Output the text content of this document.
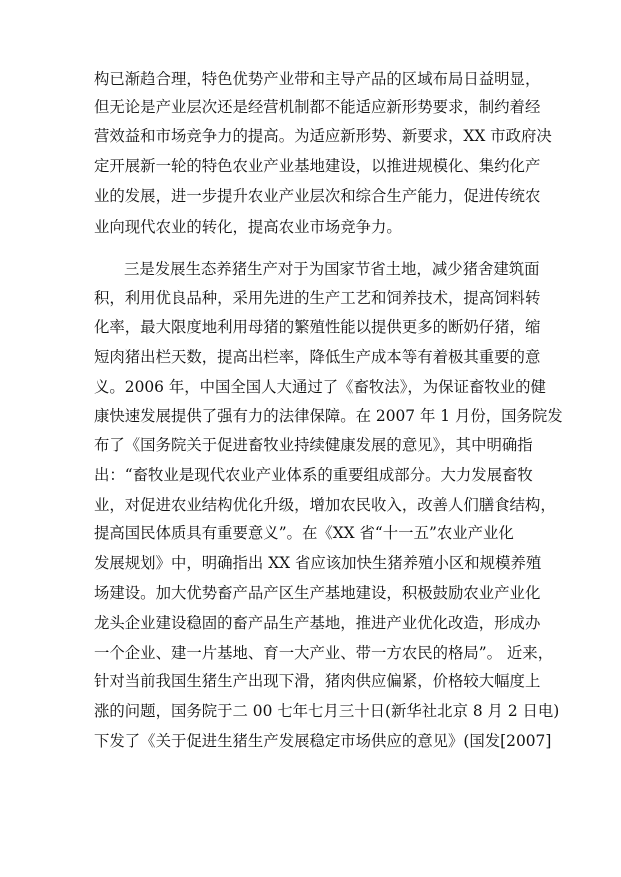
构已渐趋合理，特色优势产业带和主导产品的区域布局日益明显，
但无论是产业层次还是经营机制都不能适应新形势要求，制约着经
营效益和市场竞争力的提高。为适应新形势、新要求，XX 市政府决
定开展新一轮的特色农业产业基地建设，以推进规模化、集约化产
业的发展，进一步提升农业产业层次和综合生产能力，促进传统农
业向现代农业的转化，提高农业市场竞争力。
三是发展生态养猪生产对于为国家节省土地，减少猪舍建筑面
积，利用优良品种，采用先进的生产工艺和饲养技术，提高饲料转
化率，最大限度地利用母猪的繁殖性能以提供更多的断奶仔猪，缩
短肉猪出栏天数，提高出栏率，降低生产成本等有着极其重要的意
义。2006 年，中国全国人大通过了《畜牧法》，为保证畜牧业的健
康快速发展提供了强有力的法律保障。在 2007 年 1 月份，国务院发
布了《国务院关于促进畜牧业持续健康发展的意见》，其中明确指
出：“畜牧业是现代农业产业体系的重要组成部分。大力发展畜牧
业，对促进农业结构优化升级，增加农民收入，改善人们膳食结构，
提高国民体质具有重要意义”。在《XX 省“十一五”农业产业化
发展规划》中，明确指出 XX 省应该加快生猪养殖小区和规模养殖
场建设。加大优势畜产品产区生产基地建设，积极鼓励农业产业化
龙头企业建设稳固的畜产品生产基地，推进产业优化改造，形成办
一个企业、建一片基地、育一大产业、带一方农民的格局”。 近来，
针对当前我国生猪生产出现下滑，猪肉供应偏紧，价格较大幅度上
涨的问题，国务院于二 00 七年七月三十日(新华社北京 8 月 2 日电)
下发了《关于促进生猪生产发展稳定市场供应的意见》(国发[2007]
